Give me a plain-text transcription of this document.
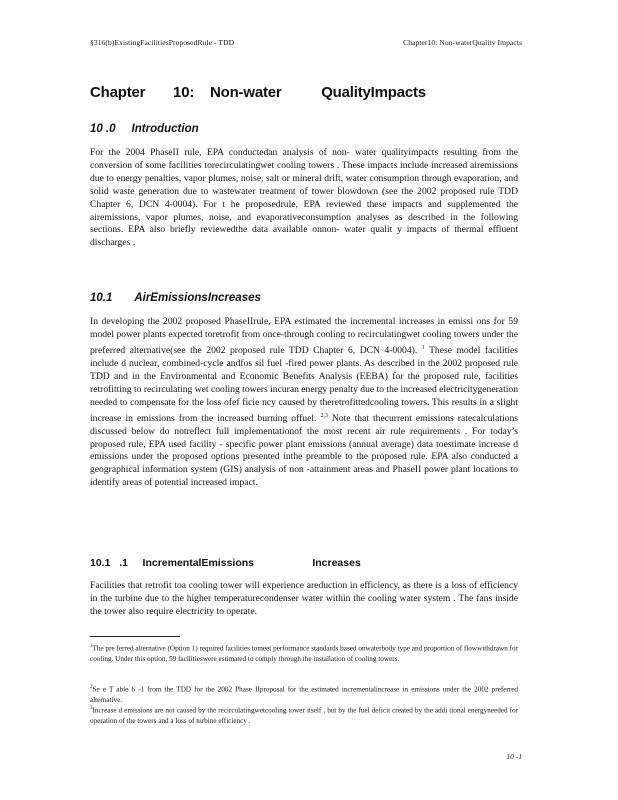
§316(b)ExistingFacilitiesProposedRule - TDD	Chapter10: Non-waterQuality Impacts
Chapter       10:    Non-water          QualityImpacts
10 .0     Introduction

For the 2004 PhaseII rule, EPA conductedan analysis of non- water qualityimpacts resulting from the conversion of some facilities torecirculatingwet cooling towers . These impacts include increased airemissions due to energy penalties, vapor plumes, noise, salt or mineral drift, water consumption through evaporation, and solid waste generation due to wastewater treatment of tower blowdown (see the 2002 proposed rule TDD Chapter 6, DCN 4-0004). For t he proposedrule, EPA reviewed these impacts and supplemented the airemissions, vapor plumes, noise, and evaporativeconsumption analyses as described in the following sections. EPA also briefly reviewedthe data available onnon- water qualit y impacts of thermal effluent discharges .

10.1       AirEmissionsIncreases

In developing the 2002 proposed PhaseIIrule, EPA estimated the incremental increases in emissi ons for 59 model power plants expected toretrofit from once-through cooling to recirculatingwet cooling towers under the preferred alternative(see the 2002 proposed rule TDD Chapter 6, DCN 4-0004). $^1$ These model facilities include d nuclear, combined-cycle andfos sil fuel -fired power plants. As described in the 2002 proposed rule TDD and in the Environmental and Economic Benefits Analysis (EEBA) for the proposed rule, facilities retrofitting to recirculating wet cooling towers incuran energy penalty due to the increased electricitygeneration needed to compensate for the loss ofef ficie ncy caused by theretrofittedcooling towers. This results in a slight increase in emissions from the increased burning offuel. $^{2,3}$ Note that thecurrent emissions ratecalculations discussed below do notreflect full implementationof the most recent air rule requirements . For today’s proposed rule, EPA used facility - specific power plant emissions (annual average) data toestimate increase d emissions under the proposed options presented inthe preamble to the proposed rule. EPA also conducted a geographical information system (GIS) analysis of non -attainment areas and PhaseII power plant locations to identify areas of potential increased impact.

10.1   .1     IncrementalEmissions                    Increases

Facilities that retrofit toa cooling tower will experience areduction in efficiency, as there is a loss of efficiency in the turbine due to the higher temperaturecondenser water within the cooling water system . The fans inside the tower also require electricity to operate.

$^1$The pre ferred alternative (Option 1) required facilities tomeet performance standards based onwaterbody type and proportion of flowwithdrawn for cooling. Under this option, 59 facilitieswere estimated to comply through the installation of cooling towers.

$^2$Se e T able 6 -1 from the TDD for the 2002 Phase IIproposal for the estimated incrementalincrease in emissions under the 2002 preferred alternative.

$^3$Increase d emissions are not caused by the recirculatingwetcooling tower itself , but by the fuel deficit created by the addi tional energyneeded for operation of the towers and a loss of turbine efficiency .

10 -1
